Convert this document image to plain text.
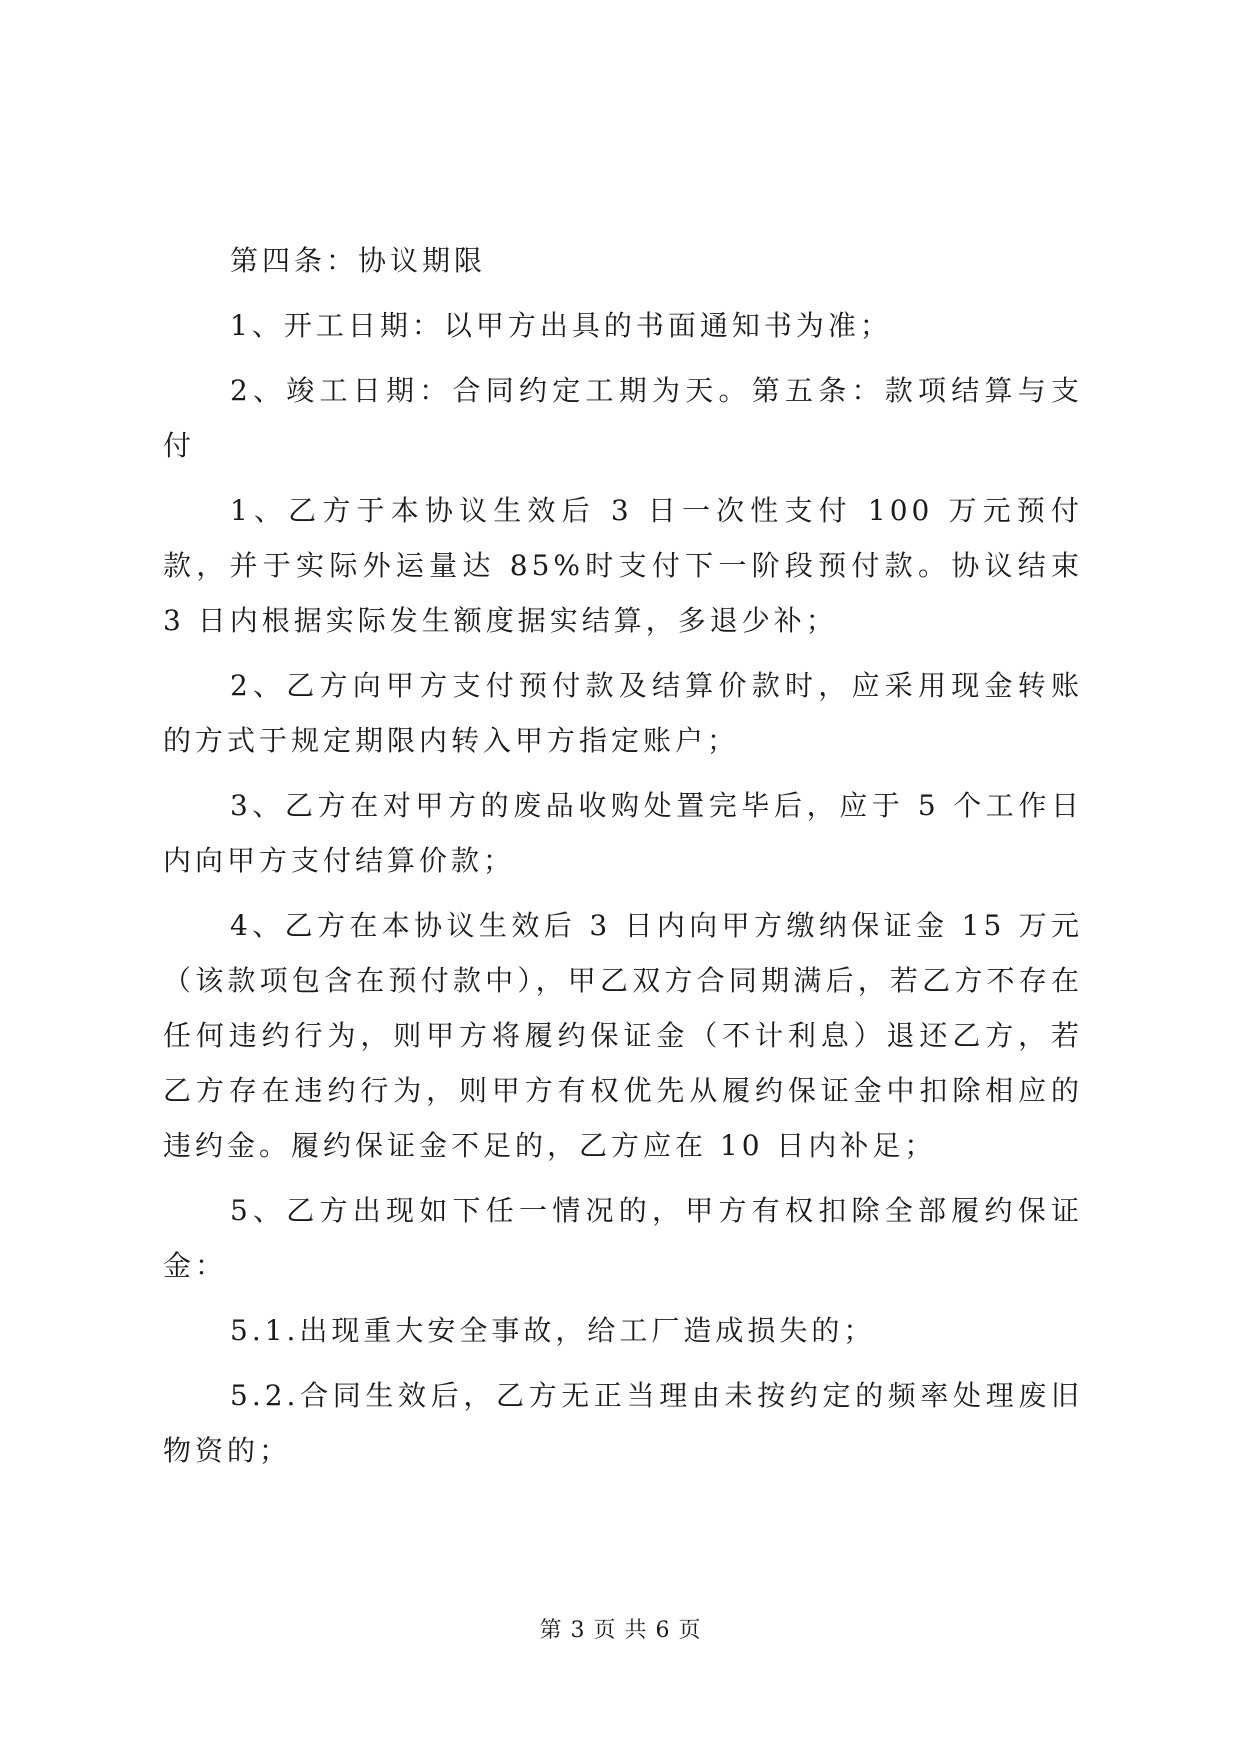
第四条：协议期限

1、开工日期：以甲方出具的书面通知书为准；

2、竣工日期：合同约定工期为天。第五条：款项结算与支付

1、乙方于本协议生效后 3 日一次性支付 100 万元预付款，并于实际外运量达 85%时支付下一阶段预付款。协议结束 3 日内根据实际发生额度据实结算，多退少补；

2、乙方向甲方支付预付款及结算价款时，应采用现金转账的方式于规定期限内转入甲方指定账户；

3、乙方在对甲方的废品收购处置完毕后，应于 5 个工作日内向甲方支付结算价款；

4、乙方在本协议生效后 3 日内向甲方缴纳保证金 15 万元（该款项包含在预付款中），甲乙双方合同期满后，若乙方不存在任何违约行为，则甲方将履约保证金（不计利息）退还乙方，若乙方存在违约行为，则甲方有权优先从履约保证金中扣除相应的违约金。履约保证金不足的，乙方应在 10 日内补足；

5、乙方出现如下任一情况的，甲方有权扣除全部履约保证金：

5.1.出现重大安全事故，给工厂造成损失的；

5.2.合同生效后，乙方无正当理由未按约定的频率处理废旧物资的；

第 3 页 共 6 页
